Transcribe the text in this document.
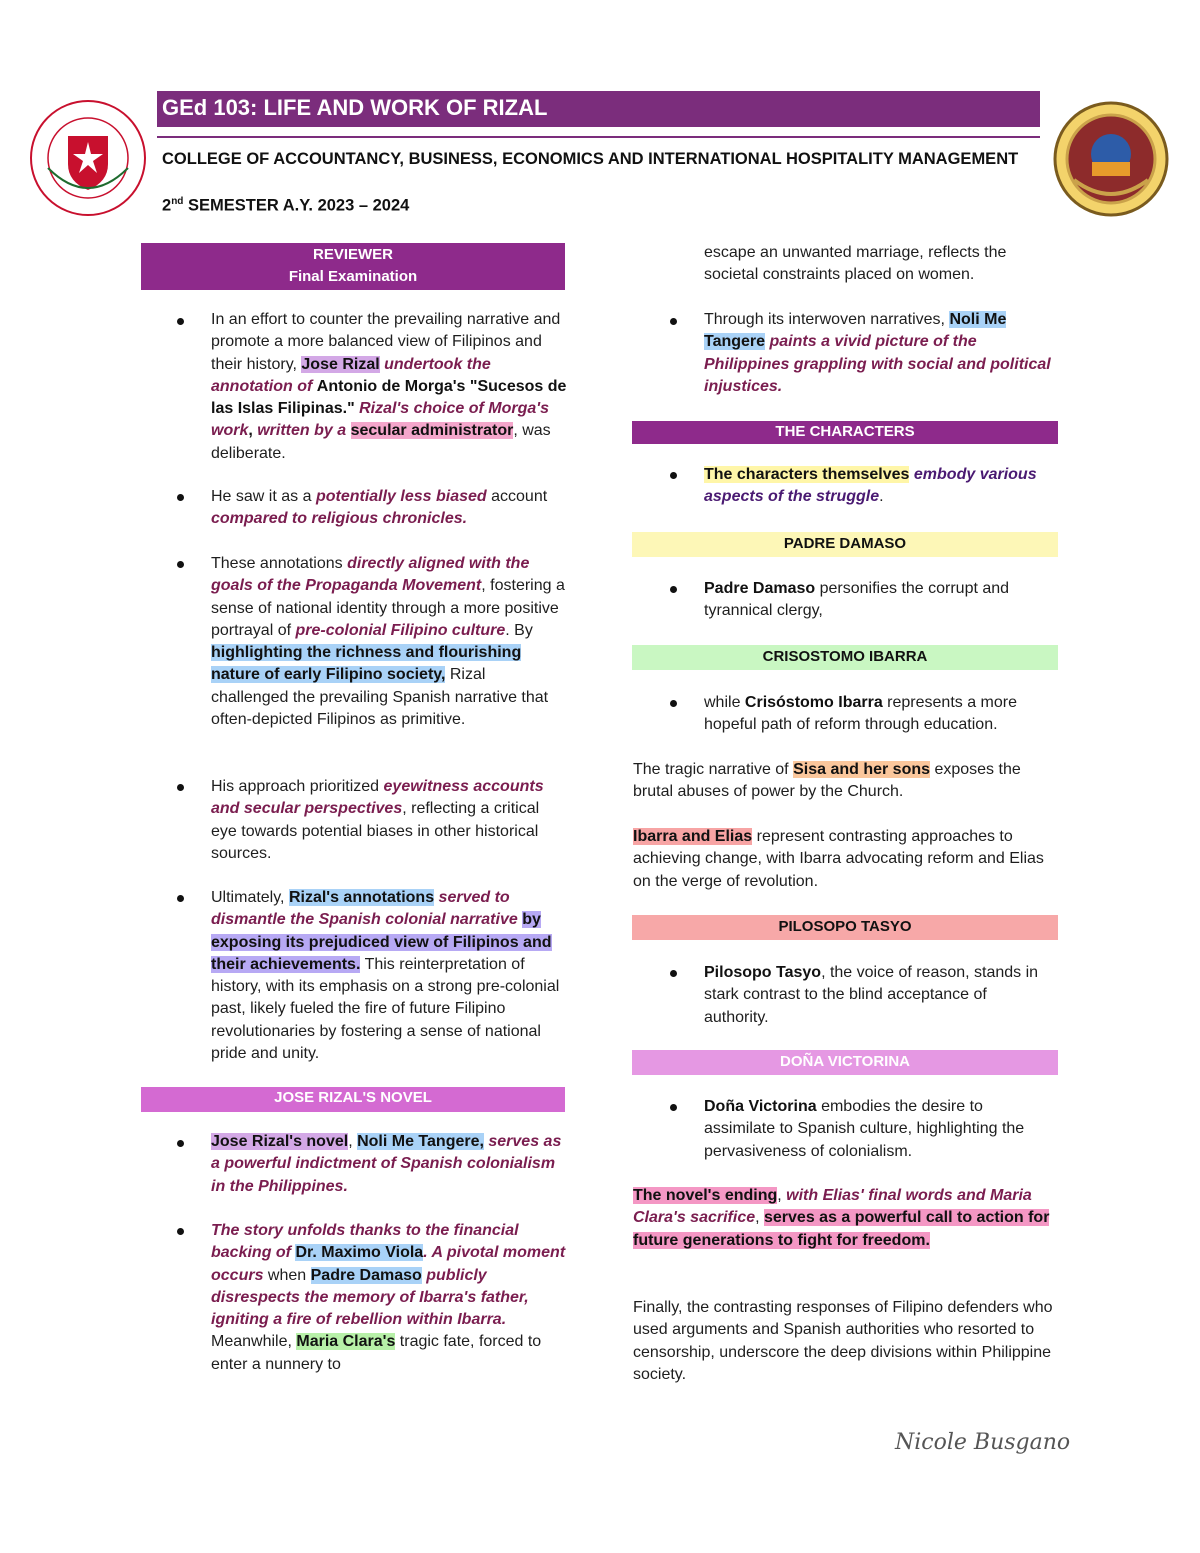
GEd 103: LIFE AND WORK OF RIZAL
COLLEGE OF ACCOUNTANCY, BUSINESS, ECONOMICS AND INTERNATIONAL HOSPITALITY MANAGEMENT
2nd SEMESTER A.Y. 2023 – 2024
REVIEWER
Final Examination
In an effort to counter the prevailing narrative and promote a more balanced view of Filipinos and their history, Jose Rizal undertook the annotation of Antonio de Morga's "Sucesos de las Islas Filipinas." Rizal's choice of Morga's work, written by a secular administrator, was deliberate.
He saw it as a potentially less biased account compared to religious chronicles.
These annotations directly aligned with the goals of the Propaganda Movement, fostering a sense of national identity through a more positive portrayal of pre-colonial Filipino culture. By highlighting the richness and flourishing nature of early Filipino society, Rizal challenged the prevailing Spanish narrative that often-depicted Filipinos as primitive.
His approach prioritized eyewitness accounts and secular perspectives, reflecting a critical eye towards potential biases in other historical sources.
Ultimately, Rizal's annotations served to dismantle the Spanish colonial narrative by exposing its prejudiced view of Filipinos and their achievements. This reinterpretation of history, with its emphasis on a strong pre-colonial past, likely fueled the fire of future Filipino revolutionaries by fostering a sense of national pride and unity.
JOSE RIZAL'S NOVEL
Jose Rizal's novel, Noli Me Tangere, serves as a powerful indictment of Spanish colonialism in the Philippines.
The story unfolds thanks to the financial backing of Dr. Maximo Viola. A pivotal moment occurs when Padre Damaso publicly disrespects the memory of Ibarra's father, igniting a fire of rebellion within Ibarra. Meanwhile, Maria Clara's tragic fate, forced to enter a nunnery to
escape an unwanted marriage, reflects the societal constraints placed on women.
Through its interwoven narratives, Noli Me Tangere paints a vivid picture of the Philippines grappling with social and political injustices.
THE CHARACTERS
The characters themselves embody various aspects of the struggle.
PADRE DAMASO
Padre Damaso personifies the corrupt and tyrannical clergy,
CRISOSTOMO IBARRA
while Crisóstomo Ibarra represents a more hopeful path of reform through education.
The tragic narrative of Sisa and her sons exposes the brutal abuses of power by the Church.
Ibarra and Elias represent contrasting approaches to achieving change, with Ibarra advocating reform and Elias on the verge of revolution.
PILOSOPO TASYO
Pilosopo Tasyo, the voice of reason, stands in stark contrast to the blind acceptance of authority.
DOÑA VICTORINA
Doña Victorina embodies the desire to assimilate to Spanish culture, highlighting the pervasiveness of colonialism.
The novel's ending, with Elias' final words and Maria Clara's sacrifice, serves as a powerful call to action for future generations to fight for freedom.
Finally, the contrasting responses of Filipino defenders who used arguments and Spanish authorities who resorted to censorship, underscore the deep divisions within Philippine society.
Nicole Busgano
